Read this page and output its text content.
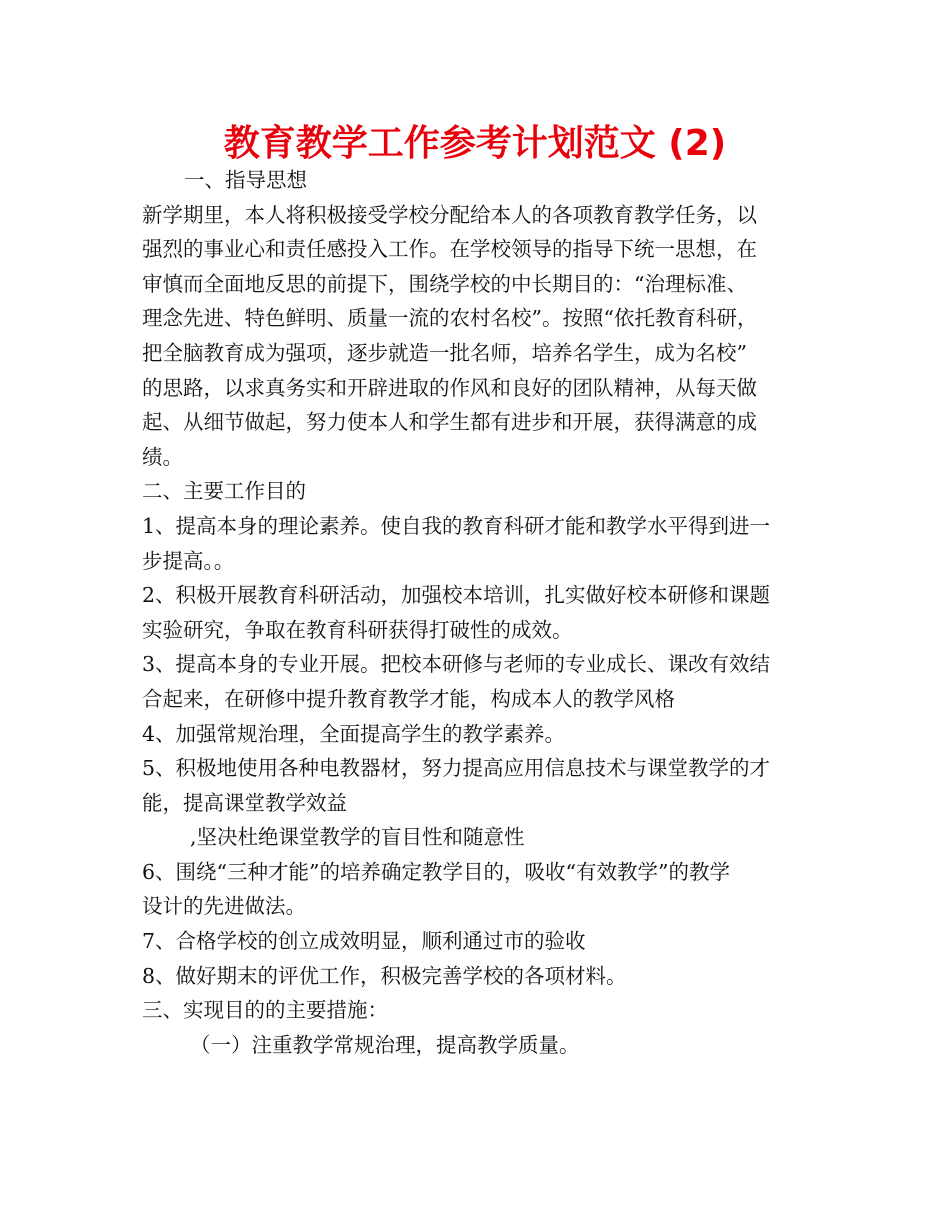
教育教学工作参考计划范文 (2)
一、指导思想
新学期里，本人将积极接受学校分配给本人的各项教育教学任务，以
强烈的事业心和责任感投入工作。在学校领导的指导下统一思想，在
审慎而全面地反思的前提下，围绕学校的中长期目的：“治理标准、
理念先进、特色鲜明、质量一流的农村名校”。按照“依托教育科研，
把全脑教育成为强项，逐步就造一批名师，培养名学生，成为名校”
的思路，以求真务实和开辟进取的作风和良好的团队精神，从每天做
起、从细节做起，努力使本人和学生都有进步和开展，获得满意的成
绩。
二、主要工作目的
1、提高本身的理论素养。使自我的教育科研才能和教学水平得到进一
步提高。。
2、积极开展教育科研活动，加强校本培训，扎实做好校本研修和课题
实验研究，争取在教育科研获得打破性的成效。
3、提高本身的专业开展。把校本研修与老师的专业成长、课改有效结
合起来，在研修中提升教育教学才能，构成本人的教学风格
4、加强常规治理，全面提高学生的教学素养。
5、积极地使用各种电教器材，努力提高应用信息技术与课堂教学的才
能，提高课堂教学效益
,坚决杜绝课堂教学的盲目性和随意性
6、围绕“三种才能”的培养确定教学目的，吸收“有效教学”的教学
设计的先进做法。
7、合格学校的创立成效明显，顺利通过市的验收
8、做好期末的评优工作，积极完善学校的各项材料。
三、实现目的的主要措施：
（一）注重教学常规治理，提高教学质量。
